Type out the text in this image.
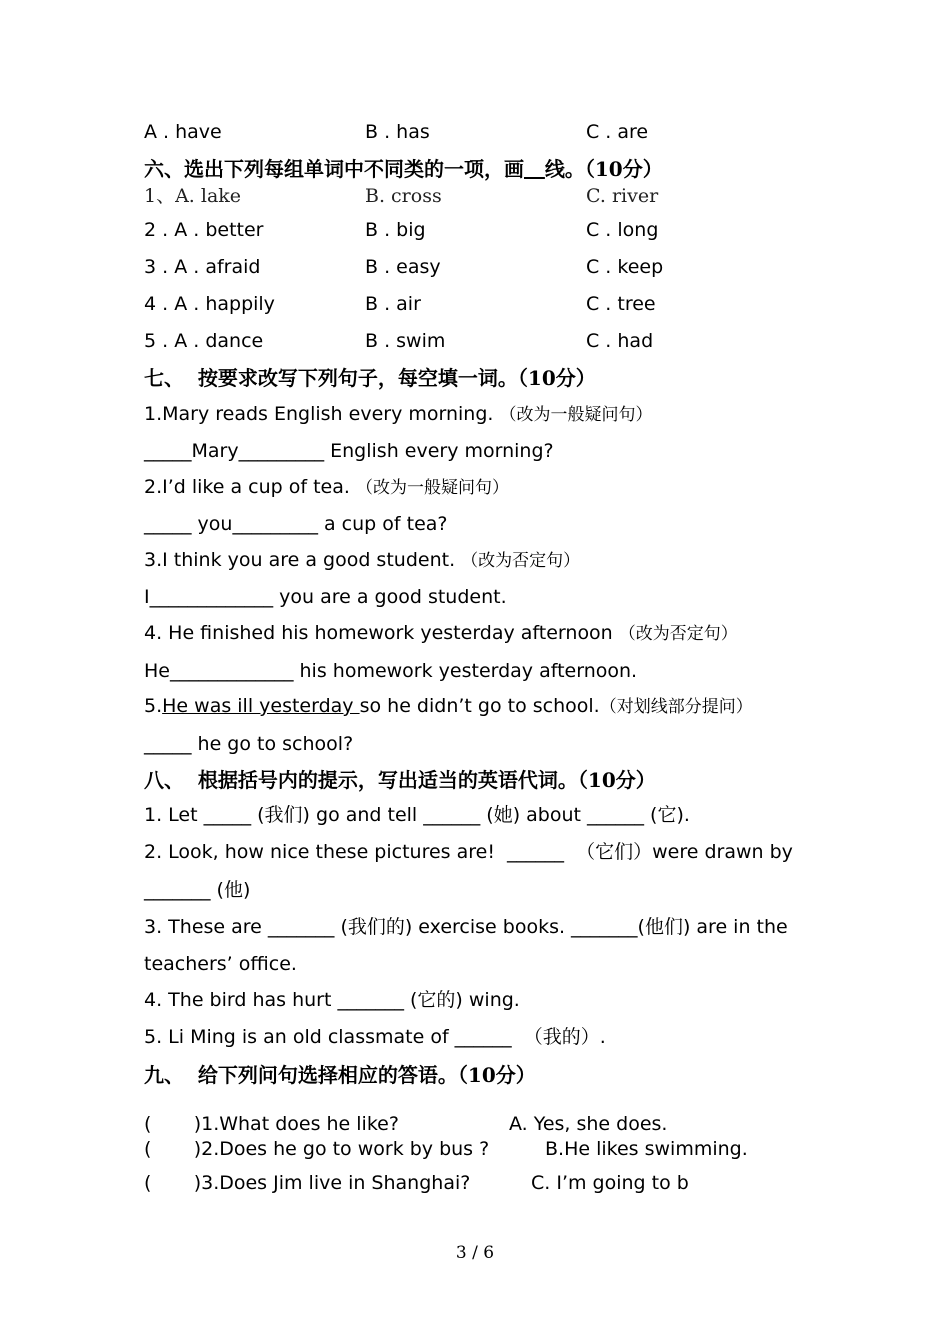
A . have	B . has	C . are
六、选出下列每组单词中不同类的一项，画 线。（10分）
1、A. lake	B. cross	C. river
2 . A . better	B . big	C . long
3 . A . afraid	B . easy	C . keep
4 . A . happily	B . air	C . tree
5 . A . dance	B . swim	C . had
七、  按要求改写下列句子，每空填一词。（10分）
1.Mary reads English every morning. （改为一般疑问句）
_____Mary_________ English every morning?
2.I’d like a cup of tea. （改为一般疑问句）
_____ you_________ a cup of tea?
3.I think you are a good student. （改为否定句）
I_____________ you are a good student.
4. He finished his homework yesterday afternoon （改为否定句）
He_____________ his homework yesterday afternoon.
5.He was ill yesterday so he didn’t go to school.（对划线部分提问）
_____ he go to school?
八、  根据括号内的提示，写出适当的英语代词。（10分）
1. Let _____ (我们) go and tell ______ (她) about ______ (它).
2. Look, how nice these pictures are!  ______  （它们）were drawn by
_______ (他)
3. These are _______ (我们的) exercise books. _______(他们) are in the
teachers’ office.
4. The bird has hurt _______ (它的) wing.
5. Li Ming is an old classmate of ______  （我的）.
九、  给下列问句选择相应的答语。（10分）
(       )1.What does he like?	A. Yes, she does.
(       )2.Does he go to work by bus ?	B.He likes swimming.
(       )3.Does Jim live in Shanghai?	C. I’m going to b
3 / 6
